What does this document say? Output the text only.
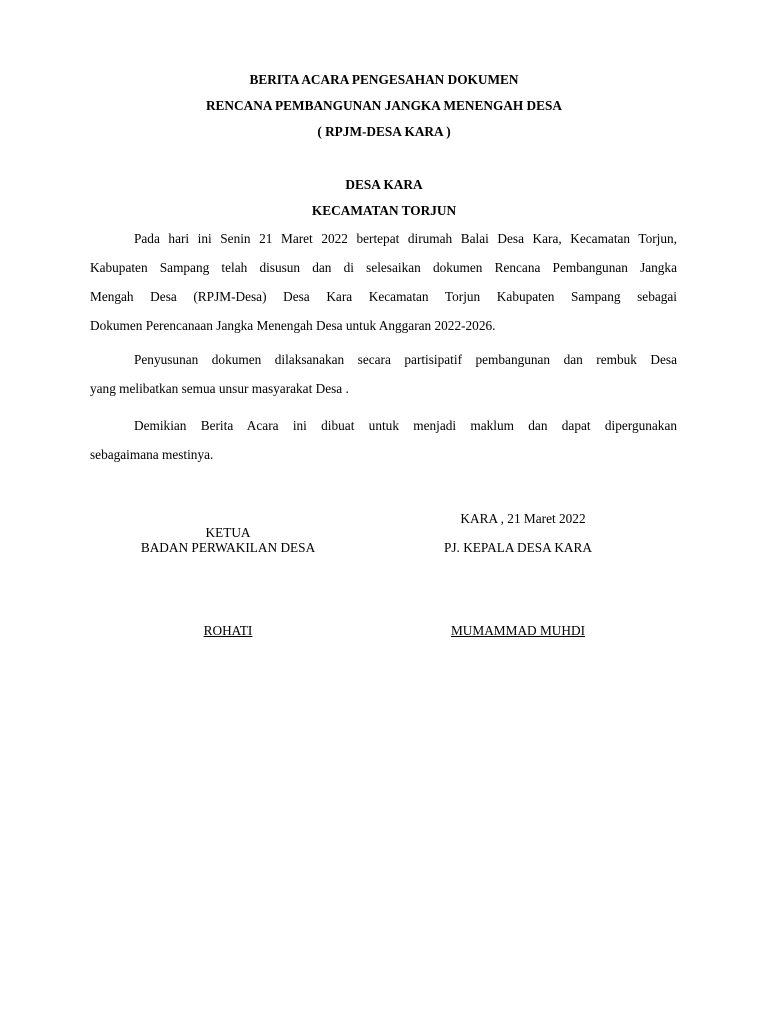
BERITA ACARA PENGESAHAN DOKUMEN

RENCANA PEMBANGUNAN JANGKA MENENGAH DESA

( RPJM-DESA KARA )

DESA KARA

KECAMATAN TORJUN

Pada hari ini Senin 21 Maret 2022 bertepat dirumah Balai Desa Kara, Kecamatan Torjun,
Kabupaten Sampang telah disusun dan di selesaikan dokumen Rencana Pembangunan Jangka
Mengah Desa (RPJM-Desa) Desa Kara Kecamatan Torjun Kabupaten Sampang sebagai
Dokumen Perencanaan Jangka Menengah Desa untuk Anggaran 2022-2026.
Penyusunan dokumen dilaksanakan secara partisipatif pembangunan dan rembuk Desa
yang melibatkan semua unsur masyarakat Desa .
Demikian Berita Acara ini dibuat untuk menjadi maklum dan dapat dipergunakan
sebagaimana mestinya.

KARA , 21 Maret 2022

KETUA

BADAN PERWAKILAN DESA	PJ. KEPALA DESA KARA

ROHATI	MUMAMMAD MUHDI
